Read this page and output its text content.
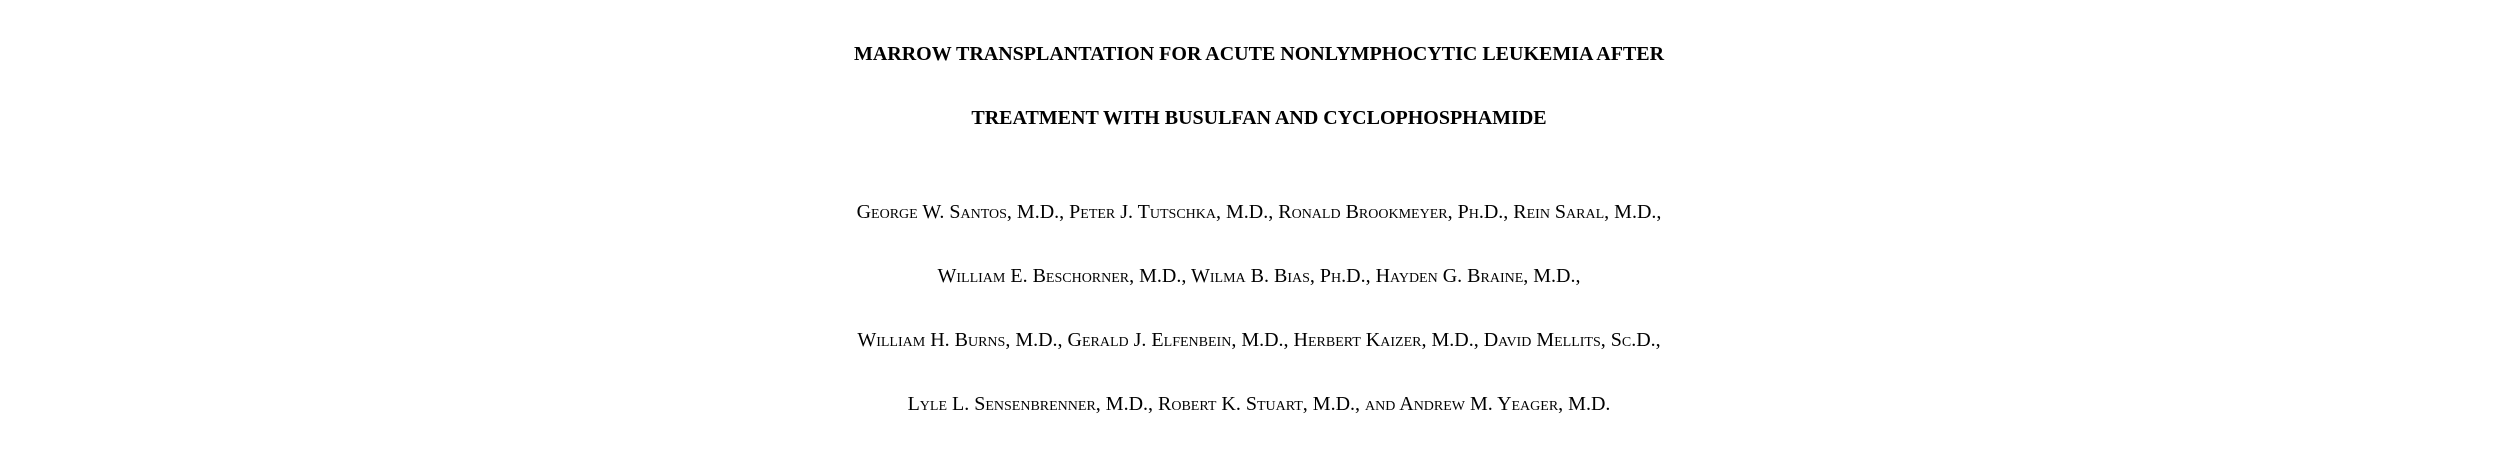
MARROW TRANSPLANTATION FOR ACUTE NONLYMPHOCYTIC LEUKEMIA AFTER
TREATMENT WITH BUSULFAN AND CYCLOPHOSPHAMIDE

George W. Santos, M.D., Peter J. Tutschka, M.D., Ronald Brookmeyer, Ph.D., Rein Saral, M.D.,

William E. Beschorner, M.D., Wilma B. Bias, Ph.D., Hayden G. Braine, M.D.,

William H. Burns, M.D., Gerald J. Elfenbein, M.D., Herbert Kaizer, M.D., David Mellits, Sc.D.,

Lyle L. Sensenbrenner, M.D., Robert K. Stuart, M.D., and Andrew M. Yeager, M.D.
